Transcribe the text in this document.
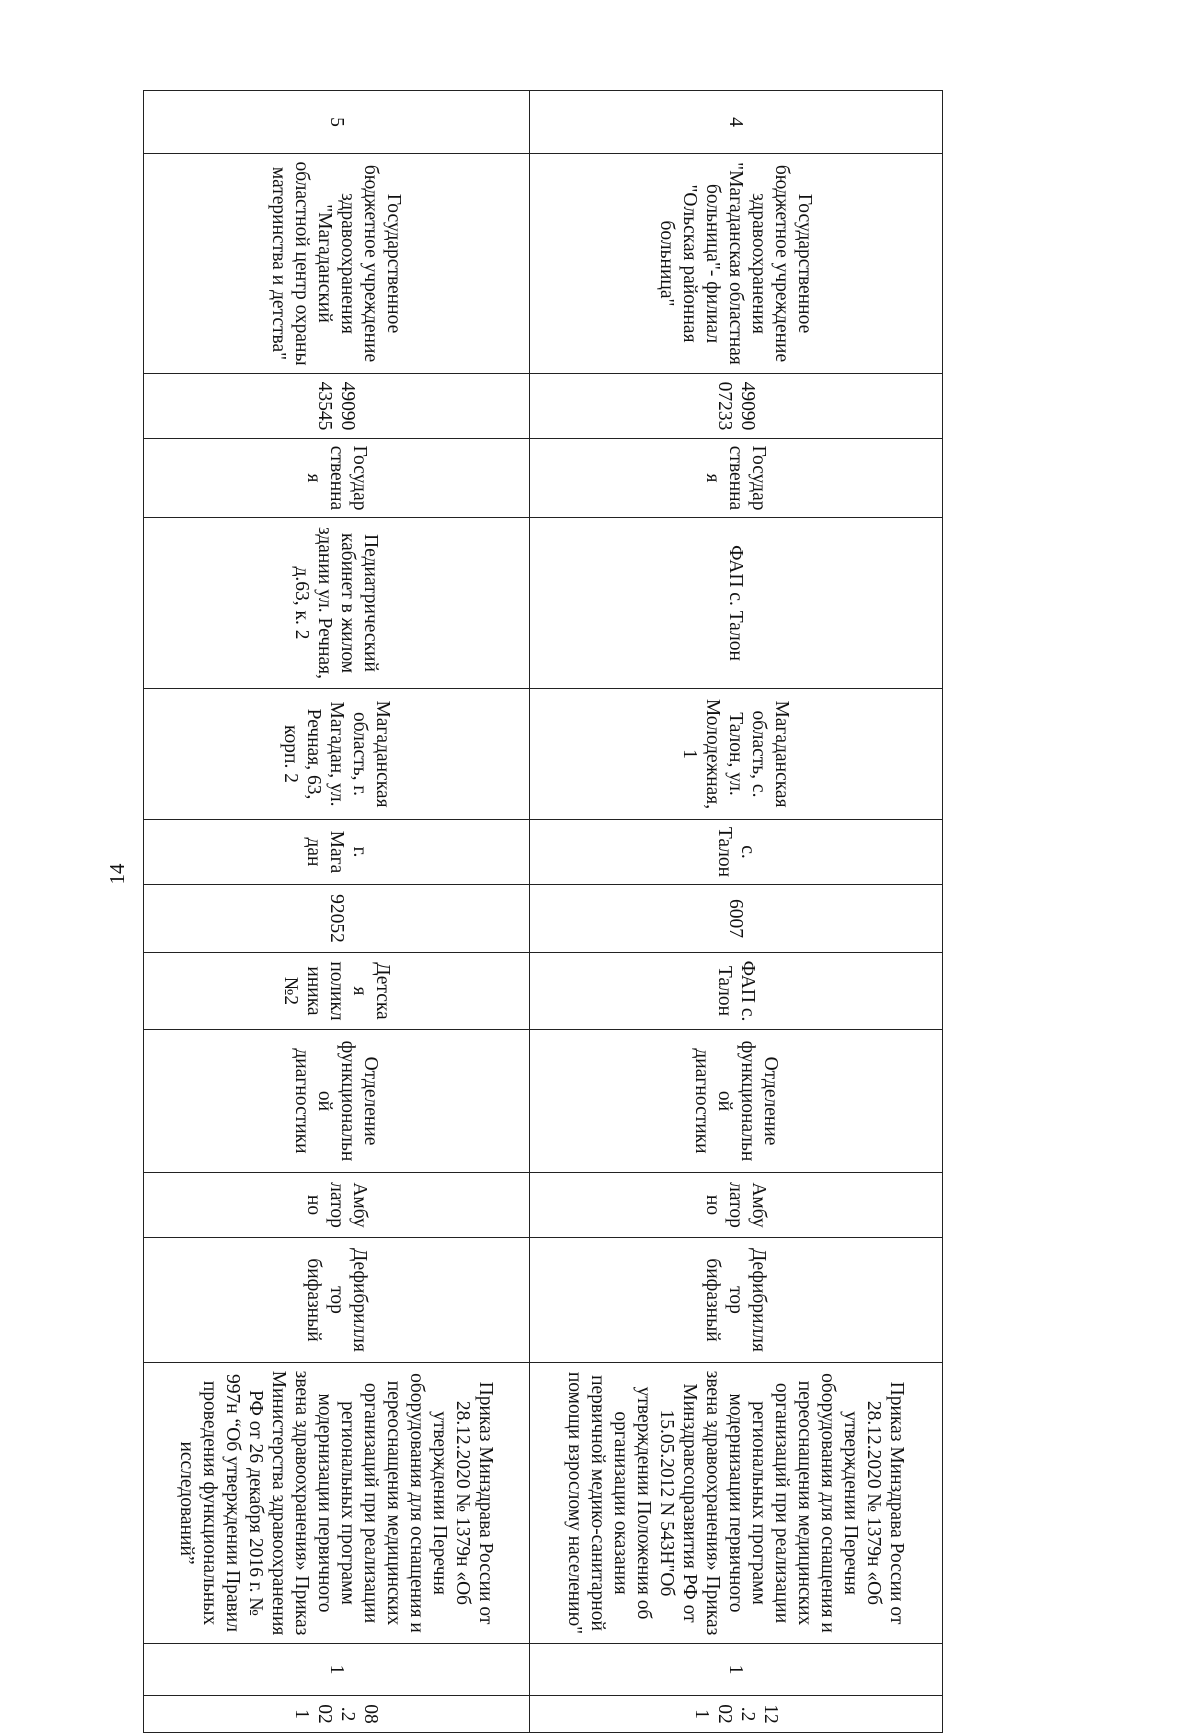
14
4	Государственное бюджетное учреждение здравоохранения "Магаданская областная больница"- филиал "Ольская районная больница"	4909007233	Государственная	ФАП с. Талон	Магаданская область, с. Талон, ул. Молодежная, 1	с. Талон	6007	ФАП с. Талон	Отделение функциональной диагностики	Амбулаторно	Дефибриллятор бифазный	Приказ Минздрава России от 28.12.2020 № 1379н «Об утверждении Перечня оборудования для оснащения и переоснащения медицинских организаций при реализации региональных программ модернизации первичного звена здравоохранения» Приказ Минздравсоцразвития РФ от 15.05.2012 N 543Н"Об утверждении Положения об организации оказания первичной медико-санитарной помощи взрослому населению"	1	12.2021
5	Государственное бюджетное учреждение здравоохранения "Магаданский областной центр охраны материнства и детства"	4909043545	Государственная	Педиатрический кабинет в жилом здании ул. Речная, д.63, к. 2	Магаданская область, г. Магадан, ул. Речная, 63, корп. 2	г. Магадан	92052	Детская поликлиника №2	Отделение функциональной диагностики	Амбулаторно	Дефибриллятор бифазный	Приказ Минздрава России от 28.12.2020 № 1379н «Об утверждении Перечня оборудования для оснащения и переоснащения медицинских организаций при реализации региональных программ модернизации первичного звена здравоохранения» Приказ Министерства здравоохранения РФ от 26 декабря 2016 г. № 997н “Об утверждении Правил проведения функциональных исследований”	1	08.2021
